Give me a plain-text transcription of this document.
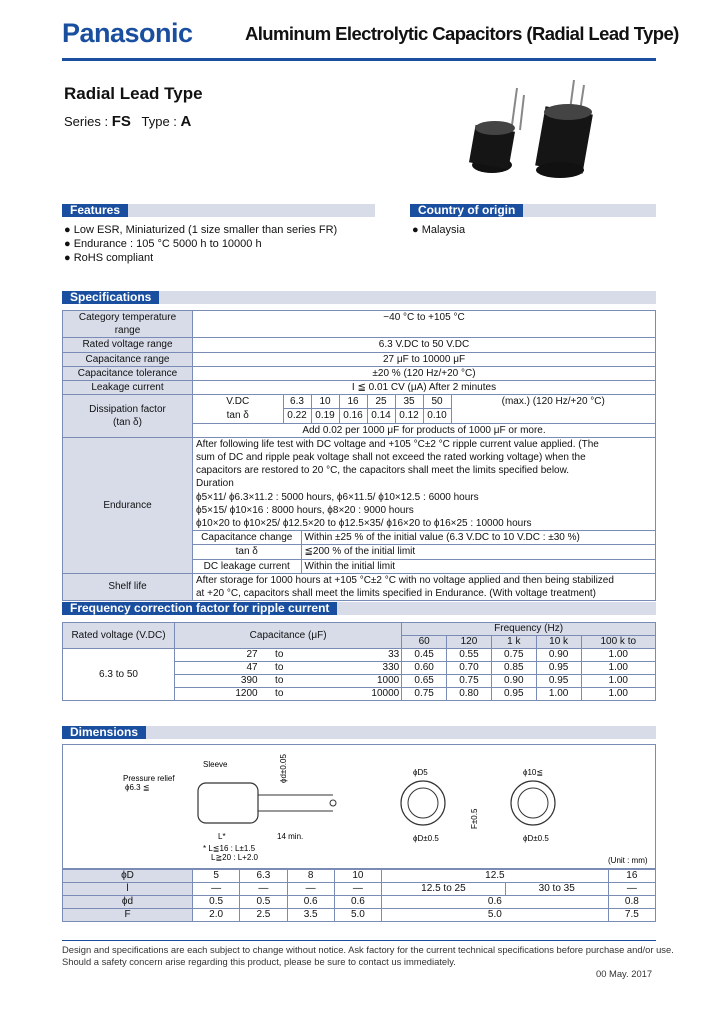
Panasonic	Aluminum Electrolytic Capacitors (Radial Lead Type)
Radial Lead Type
Series : FS Type : A
Features
● Low ESR, Miniaturized (1 size smaller than series FR)
● Endurance : 105 °C 5000 h to 10000 h
● RoHS compliant
Country of origin
● Malaysia
Specifications
Category temperature range	−40 °C to +105 °C
Rated voltage range	6.3 V.DC to 50 V.DC
Capacitance range	27 μF to 10000 μF
Capacitance tolerance	±20 % (120 Hz/+20 °C)
Leakage current	I ≦ 0.01 CV (μA) After 2 minutes

Dissipation factor
(tan δ)

V.DC	6.3	10	16	25	35	50	(max.) (120 Hz/+20 °C)
tan δ	0.22	0.19	0.16	0.14	0.12	0.10
Add 0.02 per 1000 μF for products of 1000 μF or more.

Endurance	
After following life test with DC voltage and +105 °C±2 °C ripple current value applied. (The
sum of DC and ripple peak voltage shall not exceed the rated working voltage) when the
capacitors are restored to 20 °C, the capacitors shall meet the limits specified below.
Duration
ϕ5×11/ ϕ6.3×11.2 : 5000 hours, ϕ6×11.5/ ϕ10×12.5 : 6000 hours
ϕ5×15/ ϕ10×16 : 8000 hours, ϕ8×20 : 9000 hours
ϕ10×20 to ϕ10×25/ ϕ12.5×20 to ϕ12.5×35/ ϕ16×20 to ϕ16×25 : 10000 hours
Capacitance change	Within ±25 % of the initial value (6.3 V.DC to 10 V.DC : ±30 %)
tan δ	≦200 % of the initial limit
DC leakage current	Within the initial limit

Shelf life	
After storage for 1000 hours at +105 °C±2 °C with no voltage applied and then being stabilized
at +20 °C, capacitors shall meet the limits specified in Endurance. (With voltage treatment)
Frequency correction factor for ripple current
Rated voltage (V.DC)	Capacitance (μF)			Frequency (Hz)				
				60	120	1 k	10 k	100 k to
6.3 to 50	27	to	33	0.45	0.55	0.75	0.90	1.00
	47	to	330	0.60	0.70	0.85	0.95	1.00
	390	to	1000	0.65	0.75	0.90	0.95	1.00
	1200	to	10000	0.75	0.80	0.95	1.00	1.00
Dimensions
Sleeve
Pressure relief
ϕ6.3 ≦
ϕd±0.05
L*	14 min.
* L≦16 : L±1.5
L≧20 : L+2.0
ϕD5
ϕD±0.5
ϕ10≦
ϕD±0.5
F±0.5
(Unit : mm)
ϕD	5	6.3	8	10	12.5		16
l	—	—	—	—	12.5 to 25	30 to 35	—
ϕd	0.5	0.5	0.6	0.6	0.6		0.8
F	2.0	2.5	3.5	5.0	5.0		7.5
Design and specifications are each subject to change without notice. Ask factory for the current technical specifications before purchase and/or use.
Should a safety concern arise regarding this product, please be sure to contact us immediately.
00 May. 2017
